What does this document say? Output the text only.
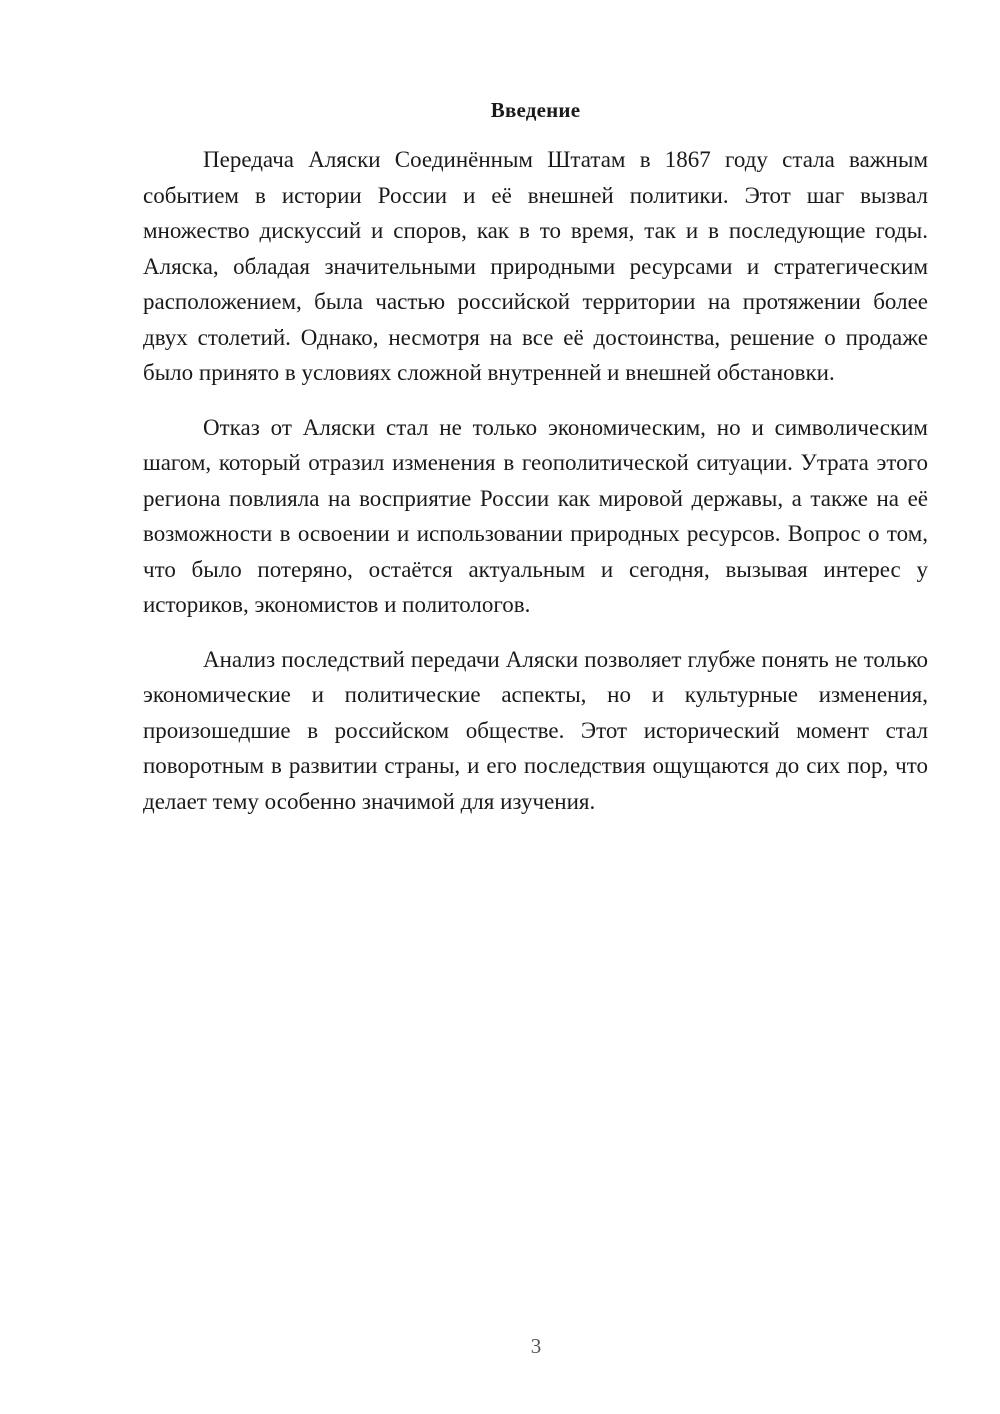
Введение

Передача Аляски Соединённым Штатам в 1867 году стала важным событием в истории России и её внешней политики. Этот шаг вызвал множество дискуссий и споров, как в то время, так и в последующие годы. Аляска, обладая значительными природными ресурсами и стратегическим расположением, была частью российской территории на протяжении более двух столетий. Однако, несмотря на все её достоинства, решение о продаже было принято в условиях сложной внутренней и внешней обстановки.

Отказ от Аляски стал не только экономическим, но и символическим шагом, который отразил изменения в геополитической ситуации. Утрата этого региона повлияла на восприятие России как мировой державы, а также на её возможности в освоении и использовании природных ресурсов. Вопрос о том, что было потеряно, остаётся актуальным и сегодня, вызывая интерес у историков, экономистов и политологов.

Анализ последствий передачи Аляски позволяет глубже понять не только экономические и политические аспекты, но и культурные изменения, произошедшие в российском обществе. Этот исторический момент стал поворотным в развитии страны, и его последствия ощущаются до сих пор, что делает тему особенно значимой для изучения.

3
